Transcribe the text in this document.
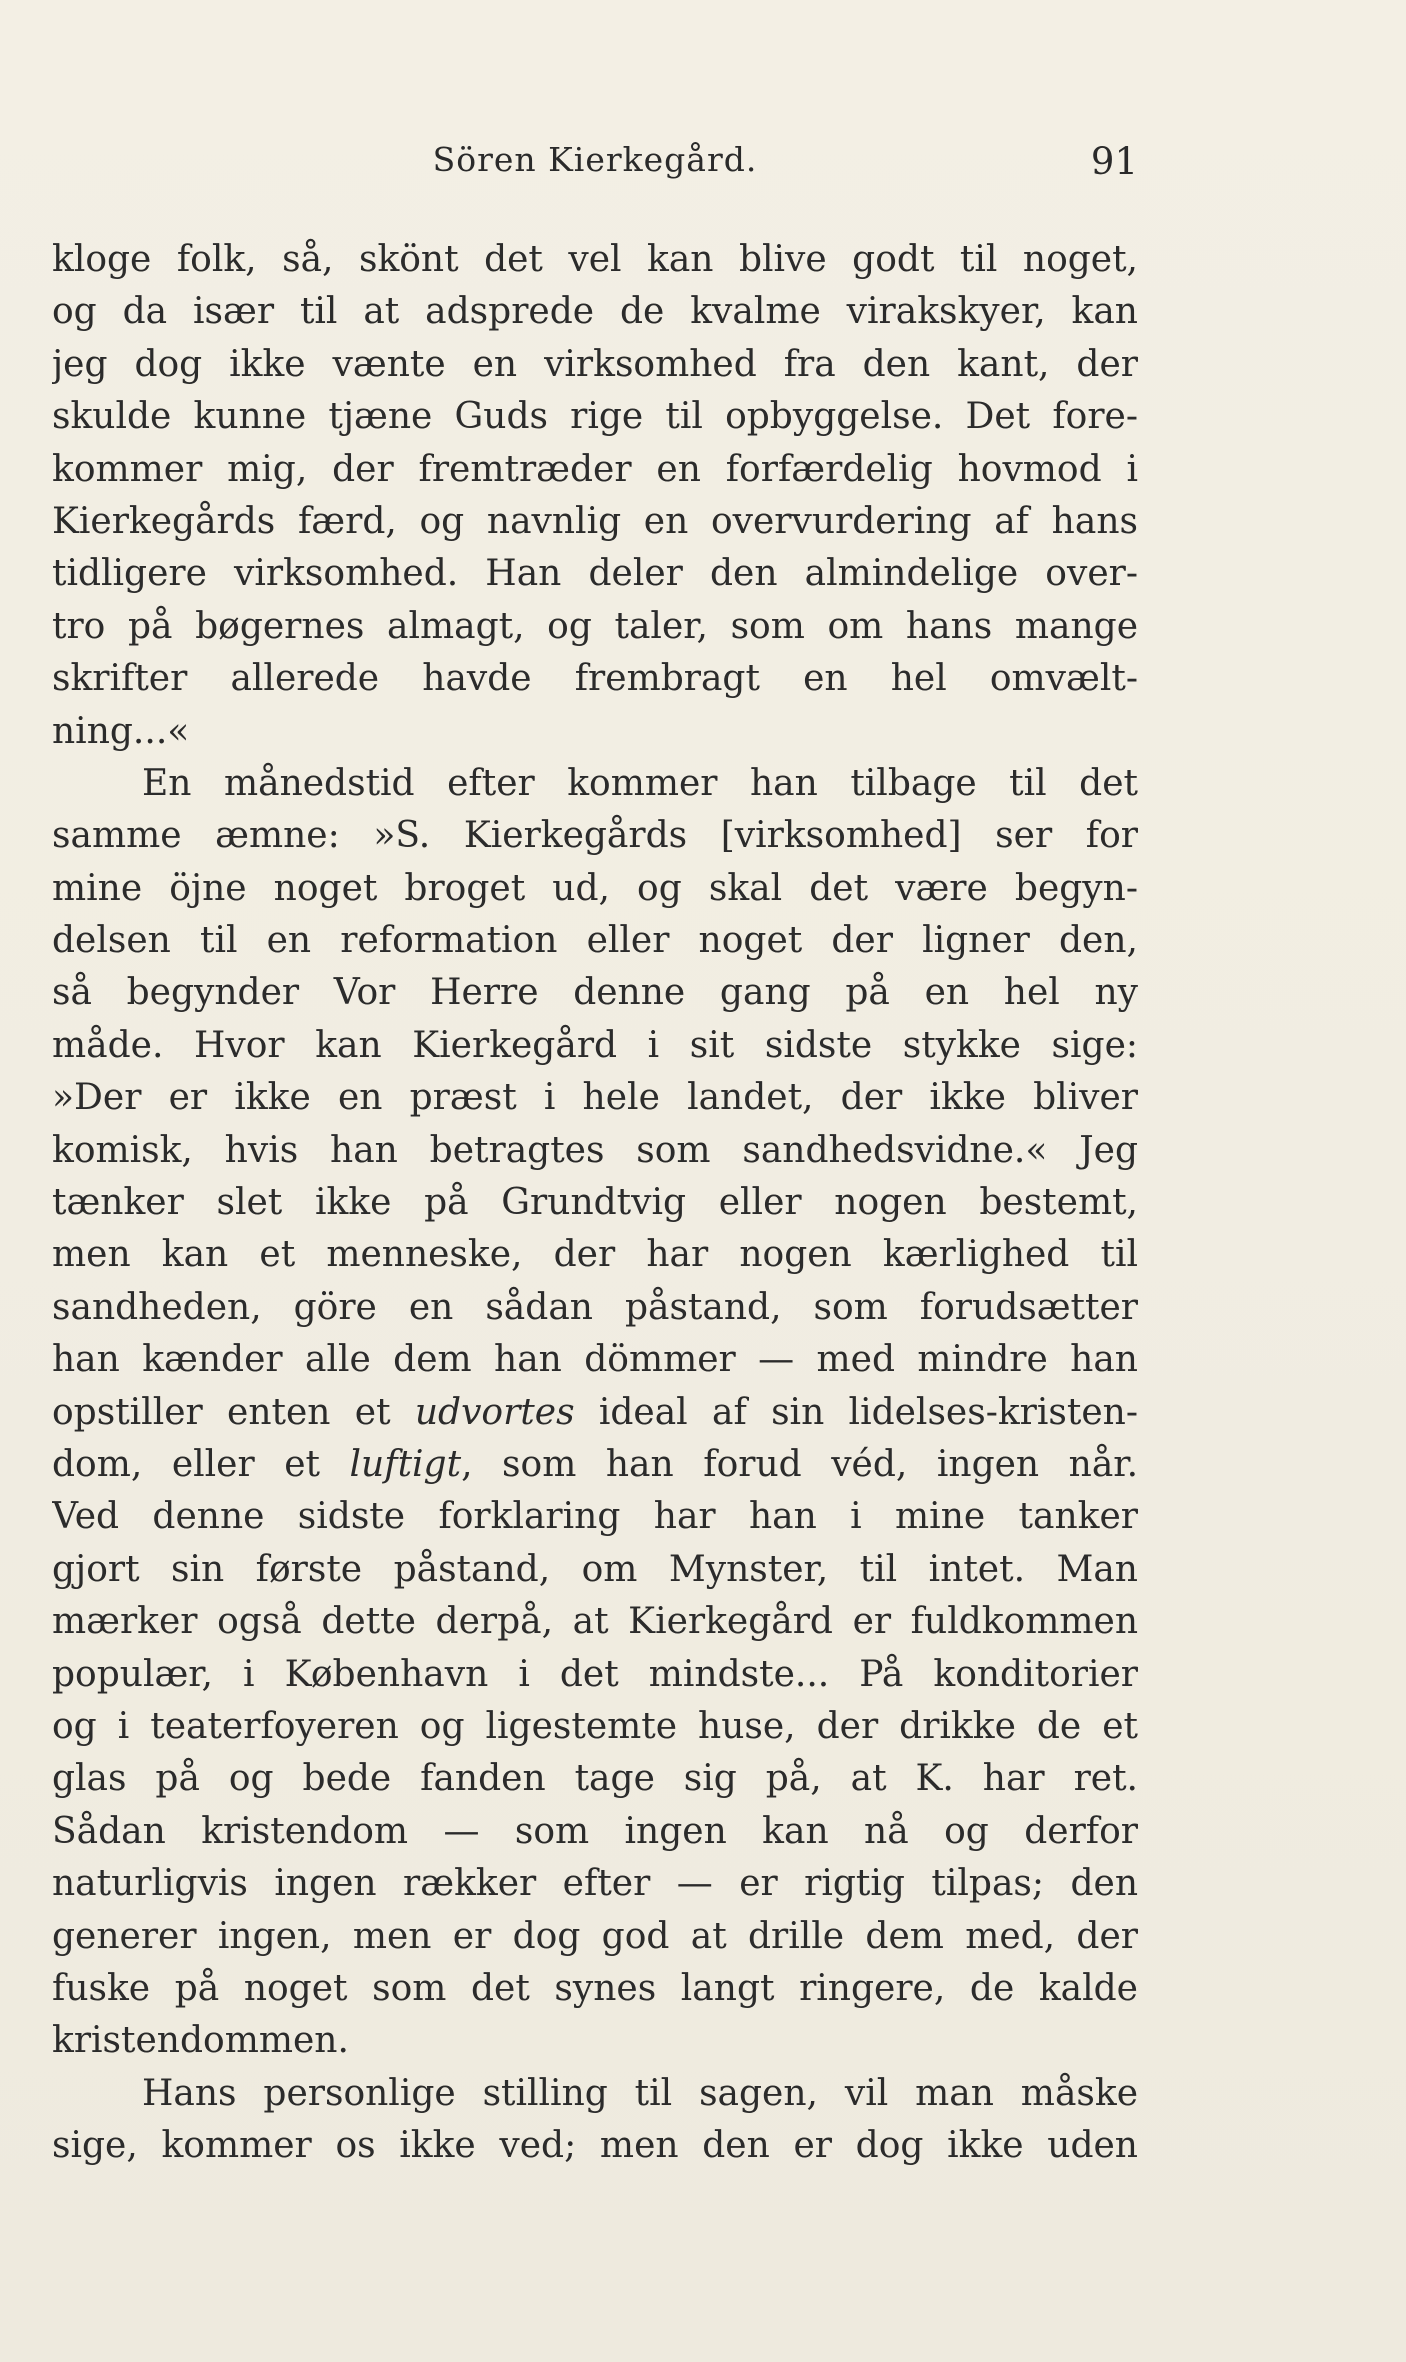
Sören Kierkegård.	91
kloge folk, så, skönt det vel kan blive godt til noget,
og da især til at adsprede de kvalme virakskyer, kan
jeg dog ikke vænte en virksomhed fra den kant, der
skulde kunne tjæne Guds rige til opbyggelse. Det fore-
kommer mig, der fremtræder en forfærdelig hovmod i
Kierkegårds færd, og navnlig en overvurdering af hans
tidligere virksomhed. Han deler den almindelige over-
tro på bøgernes almagt, og taler, som om hans mange
skrifter allerede havde frembragt en hel omvælt-
ning...«
En månedstid efter kommer han tilbage til det
samme æmne: »S. Kierkegårds [virksomhed] ser for
mine öjne noget broget ud, og skal det være begyn-
delsen til en reformation eller noget der ligner den,
så begynder Vor Herre denne gang på en hel ny
måde. Hvor kan Kierkegård i sit sidste stykke sige:
»Der er ikke en præst i hele landet, der ikke bliver
komisk, hvis han betragtes som sandhedsvidne.« Jeg
tænker slet ikke på Grundtvig eller nogen bestemt,
men kan et menneske, der har nogen kærlighed til
sandheden, göre en sådan påstand, som forudsætter
han kænder alle dem han dömmer — med mindre han
opstiller enten et udvortes ideal af sin lidelses-kristen-
dom, eller et luftigt, som han forud véd, ingen når.
Ved denne sidste forklaring har han i mine tanker
gjort sin første påstand, om Mynster, til intet. Man
mærker også dette derpå, at Kierkegård er fuldkommen
populær, i København i det mindste... På konditorier
og i teaterfoyeren og ligestemte huse, der drikke de et
glas på og bede fanden tage sig på, at K. har ret.
Sådan kristendom — som ingen kan nå og derfor
naturligvis ingen rækker efter — er rigtig tilpas; den
generer ingen, men er dog god at drille dem med, der
fuske på noget som det synes langt ringere, de kalde
kristendommen.
Hans personlige stilling til sagen, vil man måske
sige, kommer os ikke ved; men den er dog ikke uden
